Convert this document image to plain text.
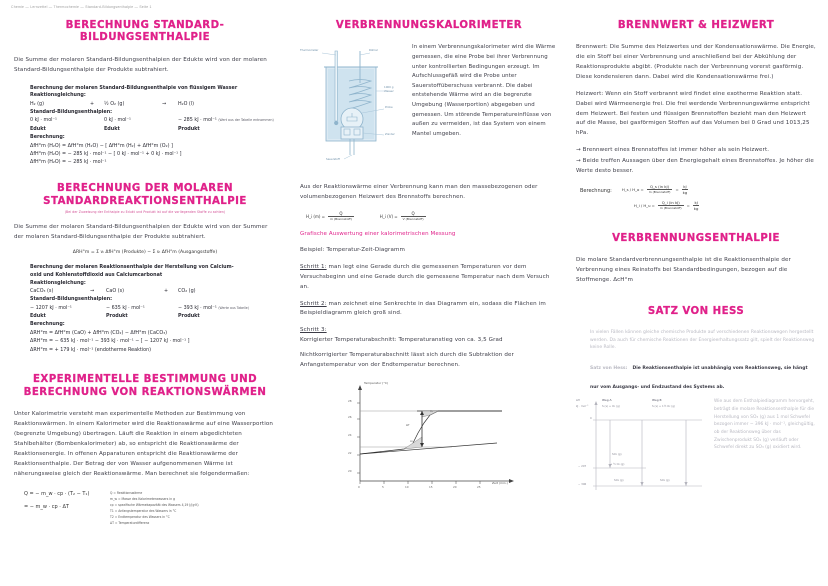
Chemie — Lernzettel — Thermochemie — Standard-Bildungsenthalpie — Seite 1
BERECHNUNG STANDARD-BILDUNGSENTHALPIE

Die Summe der molaren Standard-Bildungsenthalpien der Edukte wird von der molaren Standard-Bildungsenthalpie der Produkte subtrahiert.

Berechnung der molaren Standard-Bildungsenthalpie von flüssigem Wasser
Reaktionsgleichung:
H₂ (g)	+	½ O₂ (g)	→	H₂O (l)
Standard-Bildungsenthalpien:
0 kJ · mol⁻¹	0 kJ · mol⁻¹	− 285 kJ · mol⁻¹ (Wert aus der Tabelle entnommen)
Edukt	Edukt	Produkt
Berechnung:
ΔfH°m (H₂O) = ΔfH°m (H₂O) − [ ΔfH°m (H₂) + ΔfH°m (O₂) ]
ΔfH°m (H₂O) = − 285 kJ · mol⁻¹ − [ 0 kJ · mol⁻¹ + 0 kJ · mol⁻¹ ]
ΔfH°m (H₂O) = − 285 kJ · mol⁻¹
BERECHNUNG DER MOLAREN STANDARDREAKTIONSENTHALPIE
(Bei der Zuweisung der Enthalpie zu Edukt und Produkt ist auf die vorliegenden Stoffe zu achten)

Die Summe der molaren Standard-Bildungsenthalpien der Edukte wird von der Summer der molaren Standard-Bildungsenthalpie der Produkte subtrahiert.

ΔRH°m = Σ νᵢ ΔfH°m (Produkte) − Σ νᵢ ΔfH°m (Ausgangsstoffe)
Berechnung der molaren Reaktionsenthalpie der Herstellung von Calcium-
oxid und Kohlenstoffdioxid aus Calciumcarbonat
Reaktionsgleichung:
CaCO₃ (s)	→	CaO (s)	+	CO₂ (g)
Standard-Bildungsenthalpien:
− 1207 kJ · mol⁻¹	− 635 kJ · mol⁻¹	− 393 kJ · mol⁻¹ (Werte aus Tabelle)
Edukt	Produkt	Produkt
Berechnung:
ΔRH°m = ΔfH°m (CaO) + ΔfH°m (CO₂) − ΔfH°m (CaCO₃)
ΔRH°m = − 635 kJ · mol⁻¹ − 393 kJ · mol⁻¹ − [ − 1207 kJ · mol⁻¹ ]
ΔRH°m = + 179 kJ · mol⁻¹ (endotherme Reaktion)
EXPERIMENTELLE BESTIMMUNG UND BERECHNUNG VON REAKTIONSWÄRMEN

Unter Kalorimetrie versteht man experimentelle Methoden zur Bestimmung von Reaktionswärmen. In einem Kalorimeter wird die Reaktionswärme auf eine Wasserportion (begrenzte Umgebung) übertragen. Läuft die Reaktion in einem abgedichteten Stahlbehälter (Bombenkalorimeter) ab, so entspricht die Reaktionswärme der Reaktionsenergie. In offenen Apparaturen entspricht die Reaktionswärme der Reaktionsenthalpie. Der Betrag der von Wasser aufgenommenen Wärme ist näherungsweise gleich der Reaktionswärme. Man berechnet sie folgendermaßen:

Q = − m_w · cp · (T₂ − T₁)
= − m_w · cp · ΔT
Q = Reaktionswärme
m_w = Masse des Kalorimeterwassers in g
cp = spezifische Wärmekapazität des Wassers 4,19 J/(g·K)
T1 = Anfangstemperatur des Wassers in °C
T2 = Endtemperatur des Wassers in °C
ΔT = Temperaturdifferenz
VERBRENNUNGSKALORIMETER
Thermometer	Rührer
1000 g Wasser
Probe
Zünder
Sauerstoff

In einem Verbrennungskalorimeter wird die Wärme gemessen, die eine Probe bei ihrer Verbrennung unter kontrollierten Bedingungen erzeugt. Im Aufschlussgefäß wird die Probe unter Sauerstoffüberschuss verbrannt. Die dabei entstehende Wärme wird an die begrenzte Umgebung (Wasserportion) abgegeben und gemessen. Um störende Temperatureinflüsse von außen zu vermeiden, ist das System von einem Mantel umgeben.

Aus der Reaktionswärme einer Verbrennung kann man den massebezogenen oder volumenbezogenen Heizwert des Brennstoffs berechnen.

H_i (m) =	Q
m (Brennstoff)
H_i (V) =	Q
V (Brennstoff)
Grafische Auswertung einer kalorimetrischen Messung

Beispiel: Temperatur-Zeit-Diagramm

Schritt 1: man legt eine Gerade durch die gemessenen Temperaturen vor dem Versuchsbeginn und eine Gerade durch die gemessene Temperatur nach dem Versuch an.

Schritt 2: man zeichnet eine Senkrechte in das Diagramm ein, sodass die Flächen im Beispieldiagramm gleich groß sind.

Schritt 3:

Korrigierter Temperaturabschnitt: Temperaturanstieg von ca. 3,5 Grad

Nichtkorrigierter Temperaturabschnitt lässt sich durch die Subtraktion der Anfangstemperatur von der Endtemperatur berechnen.

Temperatur (°C)
Zeit (min.)
28
26
24
22
20
0	5	10	15	20	25
ΔT
A₁
A₂
BRENNWERT & HEIZWERT

Brennwert: Die Summe des Heizwertes und der Kondensationswärme. Die Energie, die ein Stoff bei einer Verbrennung und anschließend bei der Abkühlung der Reaktionsprodukte abgibt. (Produkte nach der Verbrennung vorerst gasförmig. Diese kondensieren dann. Dabei wird die Kondensationswärme frei.)

Heizwert: Wenn ein Stoff verbrannt wird findet eine exotherme Reaktion statt. Dabei wird Wärmeenergie frei. Die frei werdende Verbrennungswärme entspricht dem Heizwert. Bei festen und flüssigen Brennstoffen bezieht man den Heizwert auf die Masse, bei gasförmigen Stoffen auf das Volumen bei 0 Grad und 1013,25 hPa.

→ Brennwert eines Brennstoffes ist immer höher als sein Heizwert.

→ Beide treffen Aussagen über den Energiegehalt eines Brennstoffes. Je höher die Werte desto besser.

Berechnung:	H_s / H_o =	Q_s (in kJ)
m (Brennstoff)
= $\frac{kJ}{kg}$
H_i / H_u =	Q_i (in kJ)
m (Brennstoff)
= $\frac{kJ}{kg}$
VERBRENNUNGSENTHALPIE

Die molare Standardverbrennungsenthalpie ist die Reaktionsenthalpie der Verbrennung eines Reinstoffs bei Standardbedingungen, bezogen auf die Stoffmenge. ΔcH°m

SATZ VON HESS
In vielen Fällen können gleiche chemische Produkte auf verschiedenen Reaktionswegen hergestellt werden. Da auch für chemische Reaktionen der Energieerhaltungssatz gilt, spielt der Reaktionsweg keine Rolle.
Satz von Hess: Die Reaktionsenthalpie ist unabhängig vom Reaktionsweg, sie hängt nur vom Ausgangs- und Endzustand des Systems ab.
ΔH
kJ · mol⁻¹
Weg A
S (s) + O₂ (g)
Weg B
S (s) + 1½ O₂ (g)
0
− 297
− 396
SO₂ (g)
+ ½ O₂ (g)
SO₃ (g)	SO₃ (g)
Wie aus dem Enthalpiediagramm hervorgeht, beträgt die molare Reaktionsenthalpie für die Herstellung von SO₃ (g) aus 1 mol Schwefel bezogen immer − 396 kJ · mol⁻¹, gleichgültig, ob der Reaktionsweg über das Zwischenprodukt SO₂ (g) verläuft oder Schwefel direkt zu SO₃ (g) oxidiert wird.
